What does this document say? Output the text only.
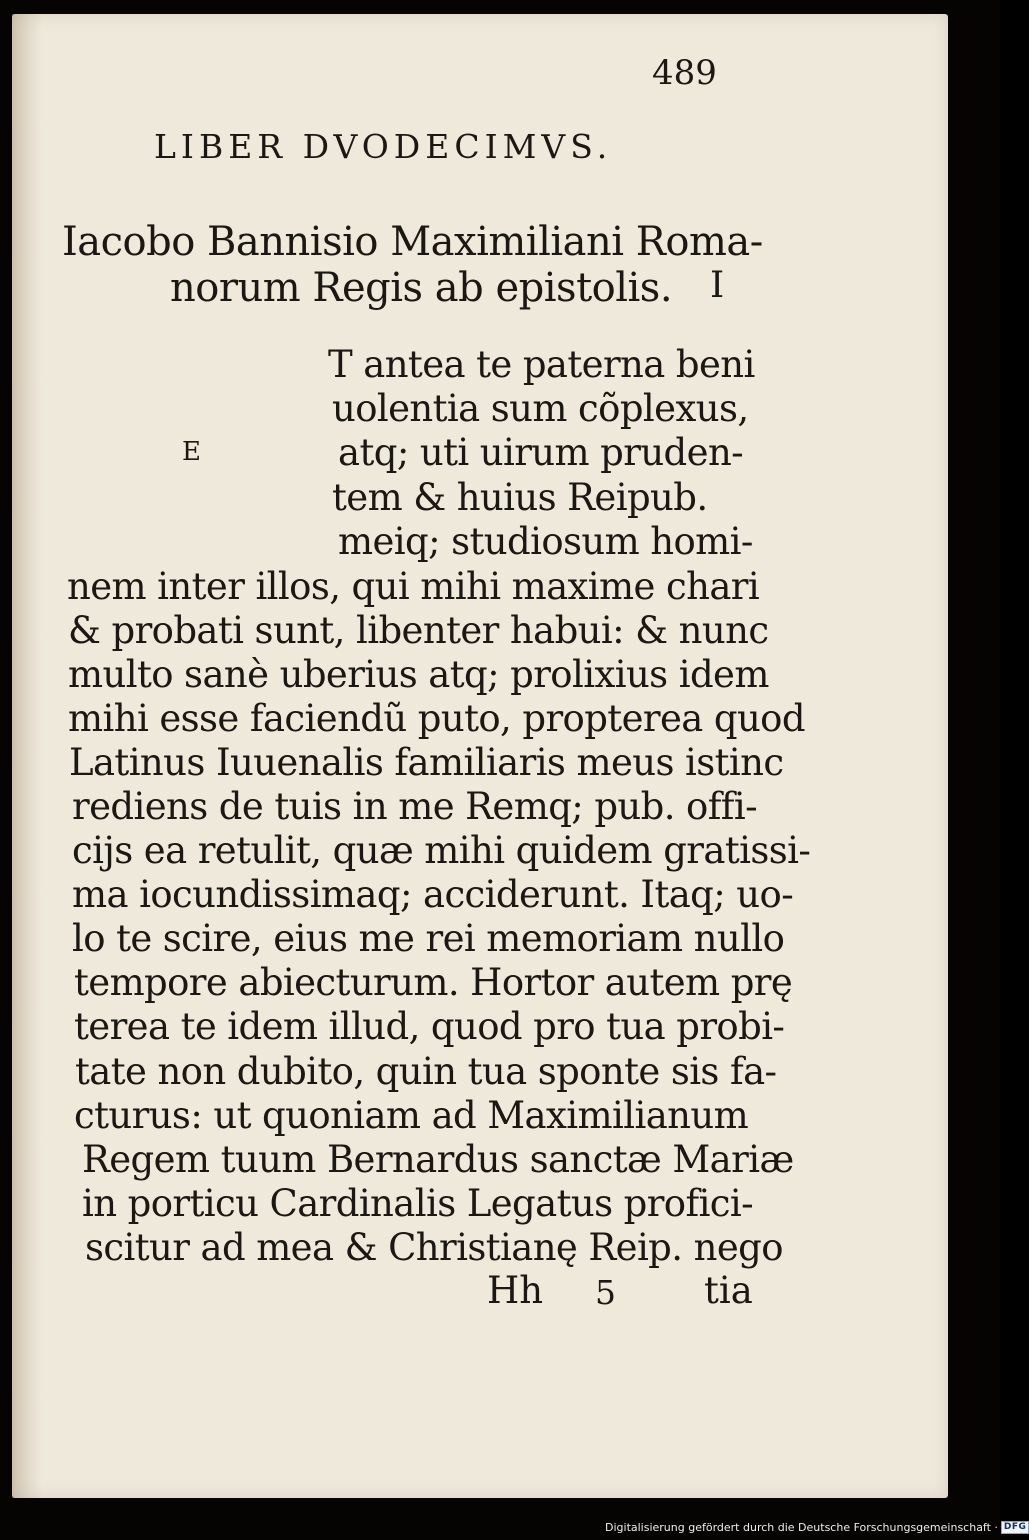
489
LIBER DVODECIMVS.
Iacobo Bannisio Maximiliani Roma-
norum Regis ab epistolis. I
E
T antea te paterna beni
uolentia sum cõplexus,
atq; uti uirum pruden-
tem & huius Reipub.
meiq; studiosum homi-
nem inter illos, qui mihi maxime chari
& probati sunt, libenter habui: & nunc
multo sanè uberius atq; prolixius idem
mihi esse faciendũ puto, propterea quod
Latinus Iuuenalis familiaris meus istinc
rediens de tuis in me Remq; pub. offi-
cijs ea retulit, quæ mihi quidem gratissi-
ma iocundissimaq; acciderunt. Itaq; uo-
lo te scire, eius me rei memoriam nullo
tempore abiecturum. Hortor autem prę
terea te idem illud, quod pro tua probi-
tate non dubito, quin tua sponte sis fa-
cturus: ut quoniam ad Maximilianum
Regem tuum Bernardus sanctæ Mariæ
in porticu Cardinalis Legatus profici-
scitur ad mea & Christianę Reip. nego
Hh 5 tia
Digitalisierung gefördert durch die Deutsche Forschungsgemeinschaft · DFG
